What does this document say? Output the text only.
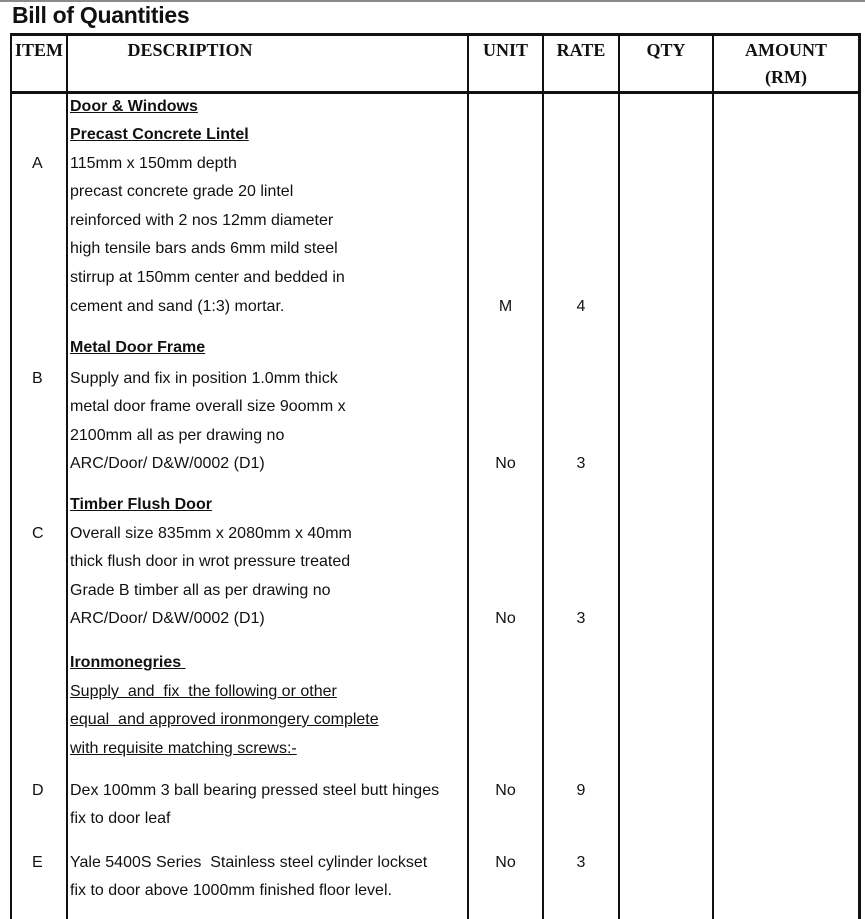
Bill of Quantities
ITEM	DESCRIPTION	UNIT	RATE	QTY	AMOUNT
(RM)
Door & Windows
Precast Concrete Lintel
A 115mm x 150mm depth
precast concrete grade 20 lintel
reinforced with 2 nos 12mm diameter
high tensile bars ands 6mm mild steel
stirrup at 150mm center and bedded in
cement and sand (1:3) mortar.	M	4
Metal Door Frame
B Supply and fix in position 1.0mm thick
metal door frame overall size 9oomm x
2100mm all as per drawing no
ARC/Door/ D&W/0002 (D1)	No	3
Timber Flush Door
C Overall size 835mm x 2080mm x 40mm
thick flush door in wrot pressure treated
Grade B timber all as per drawing no
ARC/Door/ D&W/0002 (D1)	No	3
Ironmonegries
Supply  and  fix  the following or other
equal  and approved ironmongery complete
with requisite matching screws:-
D Dex 100mm 3 ball bearing pressed steel butt hinges
fix to door leaf
No	9
E Yale 5400S Series  Stainless steel cylinder lockset
fix to door above 1000mm finished floor level.
No	3
